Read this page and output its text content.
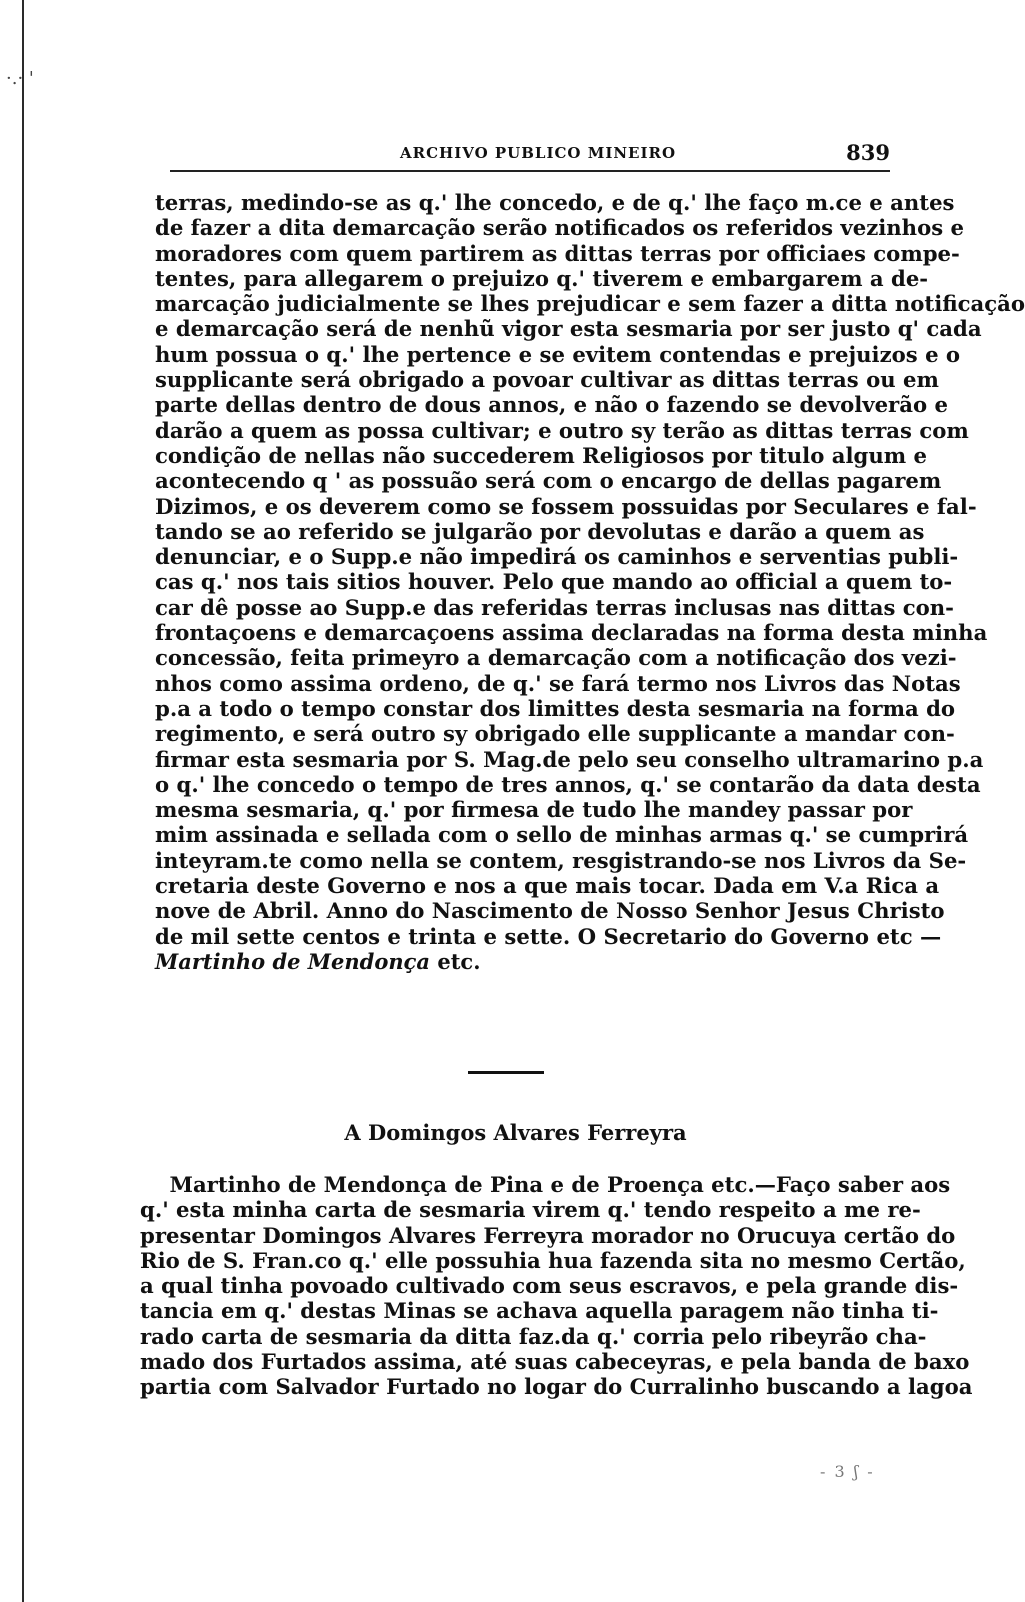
·.· ꞌ
ARCHIVO PUBLICO MINEIRO	839
terras, medindo-se as q.' lhe concedo, e de q.' lhe faço m.ce e antes
de fazer a dita demarcação serão notificados os referidos vezinhos e
moradores com quem partirem as dittas terras por officiaes compe-
tentes, para allegarem o prejuizo q.' tiverem e embargarem a de-
marcação judicialmente se lhes prejudicar e sem fazer a ditta notificação
e demarcação será de nenhũ vigor esta sesmaria por ser justo q' cada
hum possua o q.' lhe pertence e se evitem contendas e prejuizos e o
supplicante será obrigado a povoar cultivar as dittas terras ou em
parte dellas dentro de dous annos, e não o fazendo se devolverão e
darão a quem as possa cultivar; e outro sy terão as dittas terras com
condição de nellas não succederem Religiosos por titulo algum e
acontecendo q ' as possuão será com o encargo de dellas pagarem
Dizimos, e os deverem como se fossem possuidas por Seculares e fal-
tando se ao referido se julgarão por devolutas e darão a quem as
denunciar, e o Supp.e não impedirá os caminhos e serventias publi-
cas q.' nos tais sitios houver. Pelo que mando ao official a quem to-
car dê posse ao Supp.e das referidas terras inclusas nas dittas con-
frontaçoens e demarcaçoens assima declaradas na forma desta minha
concessão, feita primeyro a demarcação com a notificação dos vezi-
nhos como assima ordeno, de q.' se fará termo nos Livros das Notas
p.a a todo o tempo constar dos limittes desta sesmaria na forma do
regimento, e será outro sy obrigado elle supplicante a mandar con-
firmar esta sesmaria por S. Mag.de pelo seu conselho ultramarino p.a
o q.' lhe concedo o tempo de tres annos, q.' se contarão da data desta
mesma sesmaria, q.' por firmesa de tudo lhe mandey passar por
mim assinada e sellada com o sello de minhas armas q.' se cumprirá
inteyram.te como nella se contem, resgistrando-se nos Livros da Se-
cretaria deste Governo e nos a que mais tocar. Dada em V.a Rica a
nove de Abril. Anno do Nascimento de Nosso Senhor Jesus Christo
de mil sette centos e trinta e sette. O Secretario do Governo etc —
Martinho de Mendonça etc.
A Domingos Alvares Ferreyra
Martinho de Mendonça de Pina e de Proença etc.—Faço saber aos
q.' esta minha carta de sesmaria virem q.' tendo respeito a me re-
presentar Domingos Alvares Ferreyra morador no Orucuya certão do
Rio de S. Fran.co q.' elle possuhia hua fazenda sita no mesmo Certão,
a qual tinha povoado cultivado com seus escravos, e pela grande dis-
tancia em q.' destas Minas se achava aquella paragem não tinha ti-
rado carta de sesmaria da ditta faz.da q.' corria pelo ribeyrão cha-
mado dos Furtados assima, até suas cabeceyras, e pela banda de baxo
partia com Salvador Furtado no logar do Curralinho buscando a lagoa
- 3 ʃ -
